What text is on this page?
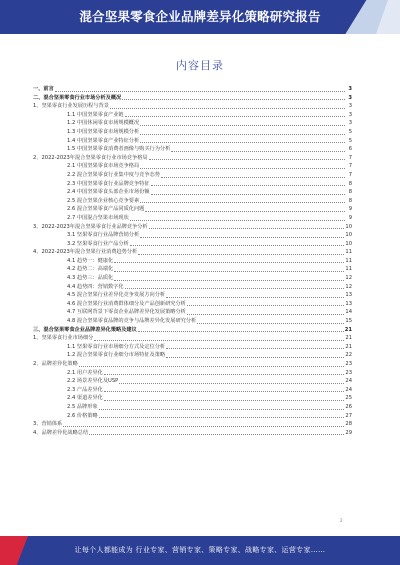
混合坚果零食企业品牌差异化策略研究报告
内容目录
一、前言	3
二、混合坚果零食行业市场分析及概况	3
1、坚果零食行业发展历程与背景	3
1.1 中国坚果零食产业链	3
1.2 中国休闲零食市场规模概况	3
1.3 中国坚果零食市场规模分析	5
1.4 中国坚果零食产业特征分析	5
1.5 中国坚果零食消费者画像与购买行为分析	6
2、2022-2023年混合坚果零食行业市场竞争格局	7
2.1 中国坚果零食市场竞争格局	7
2.2 混合坚果零食行业集中度与竞争态势	7
2.3 中国坚果零食行业品牌竞争特征	8
2.4 中国坚果零食头部企业市场份额	8
2.5 混合坚果企业核心竞争要素	8
2.6 混合坚果零食产品同质化问题	9
2.7 中国混合坚果市场现状	9
3、2022-2023年混合坚果零食行业品牌竞争分析	10
3.1 坚果零食行业品牌营销分析	10
3.2 坚果零食行业产品分析	10
4、2022-2023年混合坚果行业消费趋势分析	11
4.1 趋势一：健康化	11
4.2 趋势二：高端化	11
4.3 趋势三：品质化	12
4.4 趋势四：营销数字化	12
4.5 混合坚果行业差异化竞争发展方向分析	13
4.6 混合坚果行业消费群体细分及产品创新研究分析	13
4.7 互联网背景下零食企业品牌差异化发展策略分析	14
4.8 混合坚果零食品牌的竞争与品牌差异化发展研究分析	15
三、混合坚果零食企业品牌差异化策略及建议	21
1、坚果零食行业市场细分	21
1.1 坚果零食行业市场细分方式及定位分析	21
1.2 混合坚果零食行业细分市场特征及策略	22
2、品牌差异化策略	23
2.1 用户差异化	23
2.2 场景差异化及USP	24
2.3 产品差异化	24
2.4 渠道差异化	25
2.5 品牌形象	26
2.6 价格策略	27
3、营销体系	28
4、品牌差异化战略总结	29
2
让每个人都能成为 行业专家、营销专家、策略专家、战略专家、运营专家……
